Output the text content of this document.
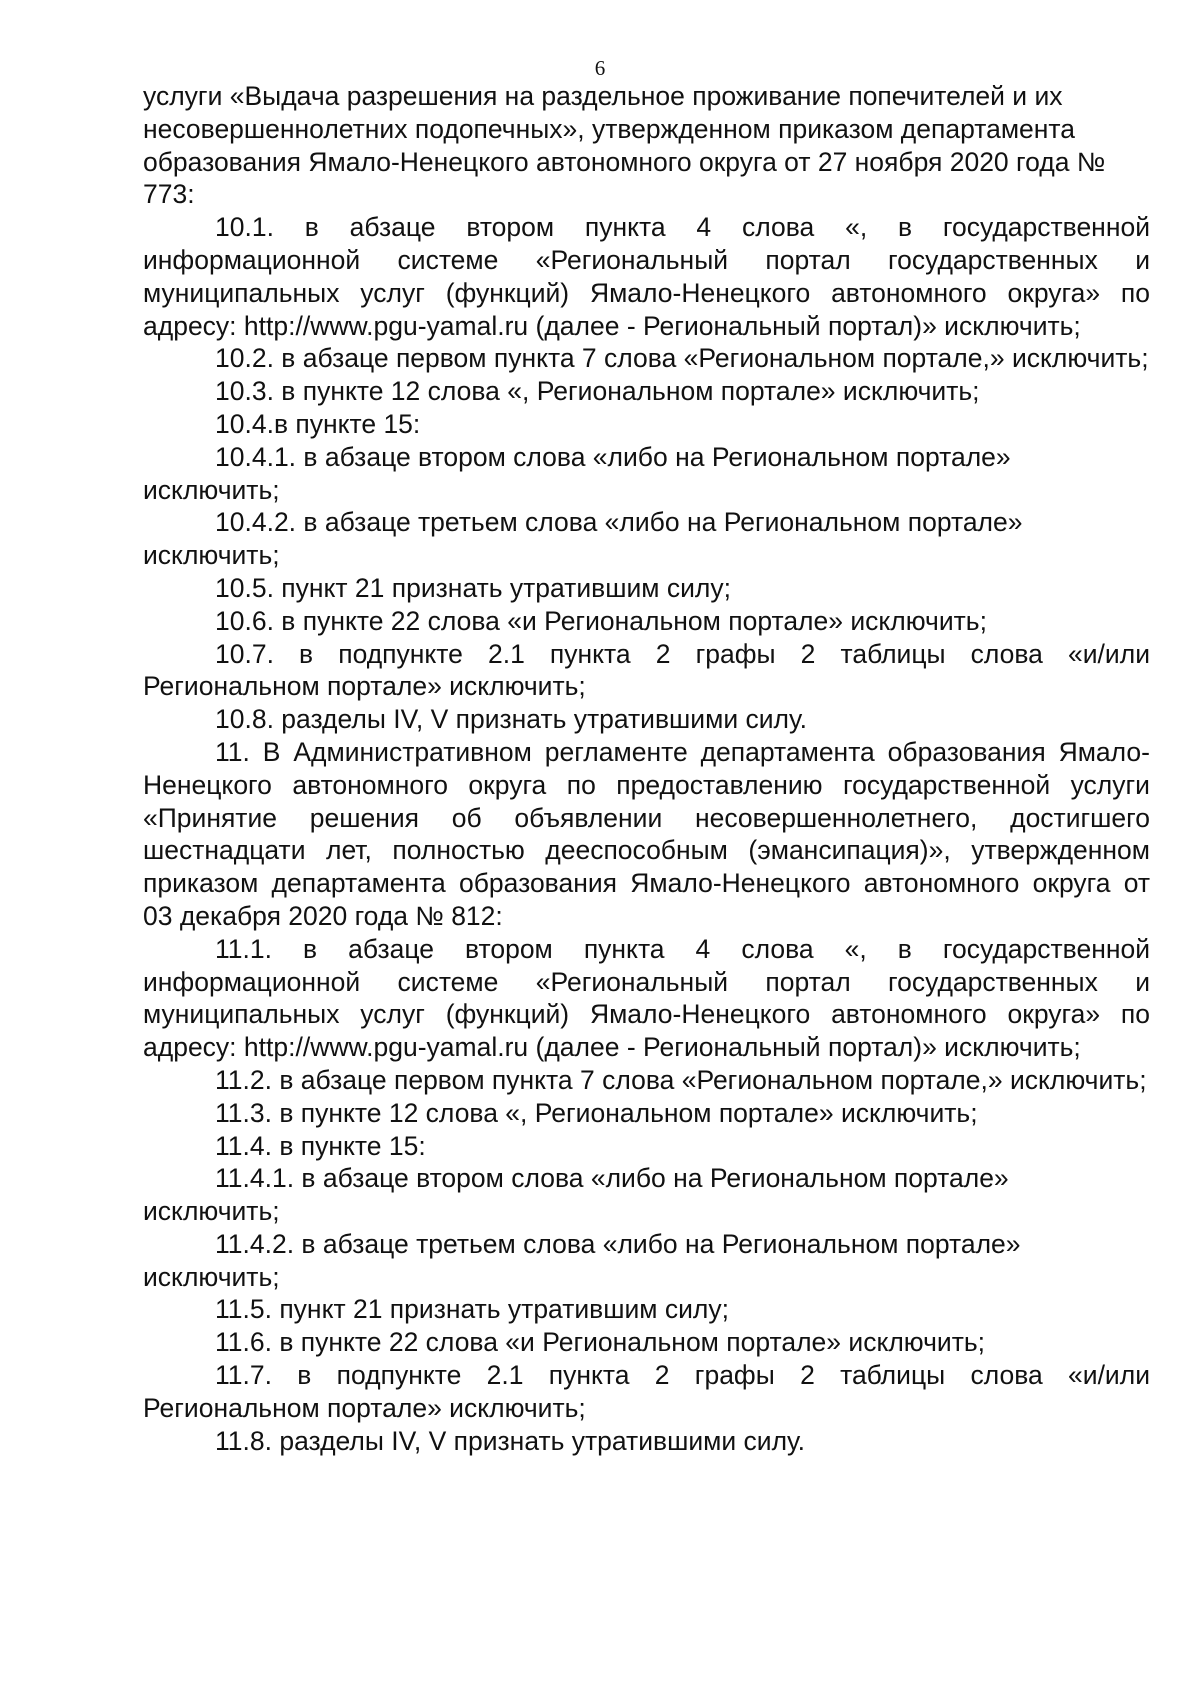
6

услуги «Выдача разрешения на раздельное проживание попечителей и их несовершеннолетних подопечных», утвержденном приказом департамента образования Ямало-Ненецкого автономного округа от 27 ноября 2020 года № 773:

10.1. в абзаце втором пункта 4 слова «, в государственной информационной системе «Региональный портал государственных и муниципальных услуг (функций) Ямало-Ненецкого автономного округа» по адресу: http://www.pgu-yamal.ru (далее - Региональный портал)» исключить;

10.2. в абзаце первом пункта 7 слова «Региональном портале,» исключить;

10.3. в пункте 12 слова «, Региональном портале» исключить;

10.4.в пункте 15:

10.4.1. в абзаце втором слова «либо на Региональном портале» исключить;

10.4.2. в абзаце третьем слова «либо на Региональном портале» исключить;

10.5. пункт 21 признать утратившим силу;

10.6. в пункте 22 слова «и Региональном портале» исключить;

10.7. в подпункте 2.1 пункта 2 графы 2 таблицы слова «и/или Региональном портале» исключить;

10.8. разделы IV, V признать утратившими силу.

11. В Административном регламенте департамента образования Ямало-Ненецкого автономного округа по предоставлению государственной услуги «Принятие решения об объявлении несовершеннолетнего, достигшего шестнадцати лет, полностью дееспособным (эмансипация)», утвержденном приказом департамента образования Ямало-Ненецкого автономного округа от 03 декабря 2020 года № 812:

11.1. в абзаце втором пункта 4 слова «, в государственной информационной системе «Региональный портал государственных и муниципальных услуг (функций) Ямало-Ненецкого автономного округа» по адресу: http://www.pgu-yamal.ru (далее - Региональный портал)» исключить;

11.2. в абзаце первом пункта 7 слова «Региональном портале,» исключить;

11.3. в пункте 12 слова «, Региональном портале» исключить;

11.4. в пункте 15:

11.4.1. в абзаце втором слова «либо на Региональном портале» исключить;

11.4.2. в абзаце третьем слова «либо на Региональном портале» исключить;

11.5. пункт 21 признать утратившим силу;

11.6. в пункте 22 слова «и Региональном портале» исключить;

11.7. в подпункте 2.1 пункта 2 графы 2 таблицы слова «и/или Региональном портале» исключить;

11.8. разделы IV, V признать утратившими силу.
